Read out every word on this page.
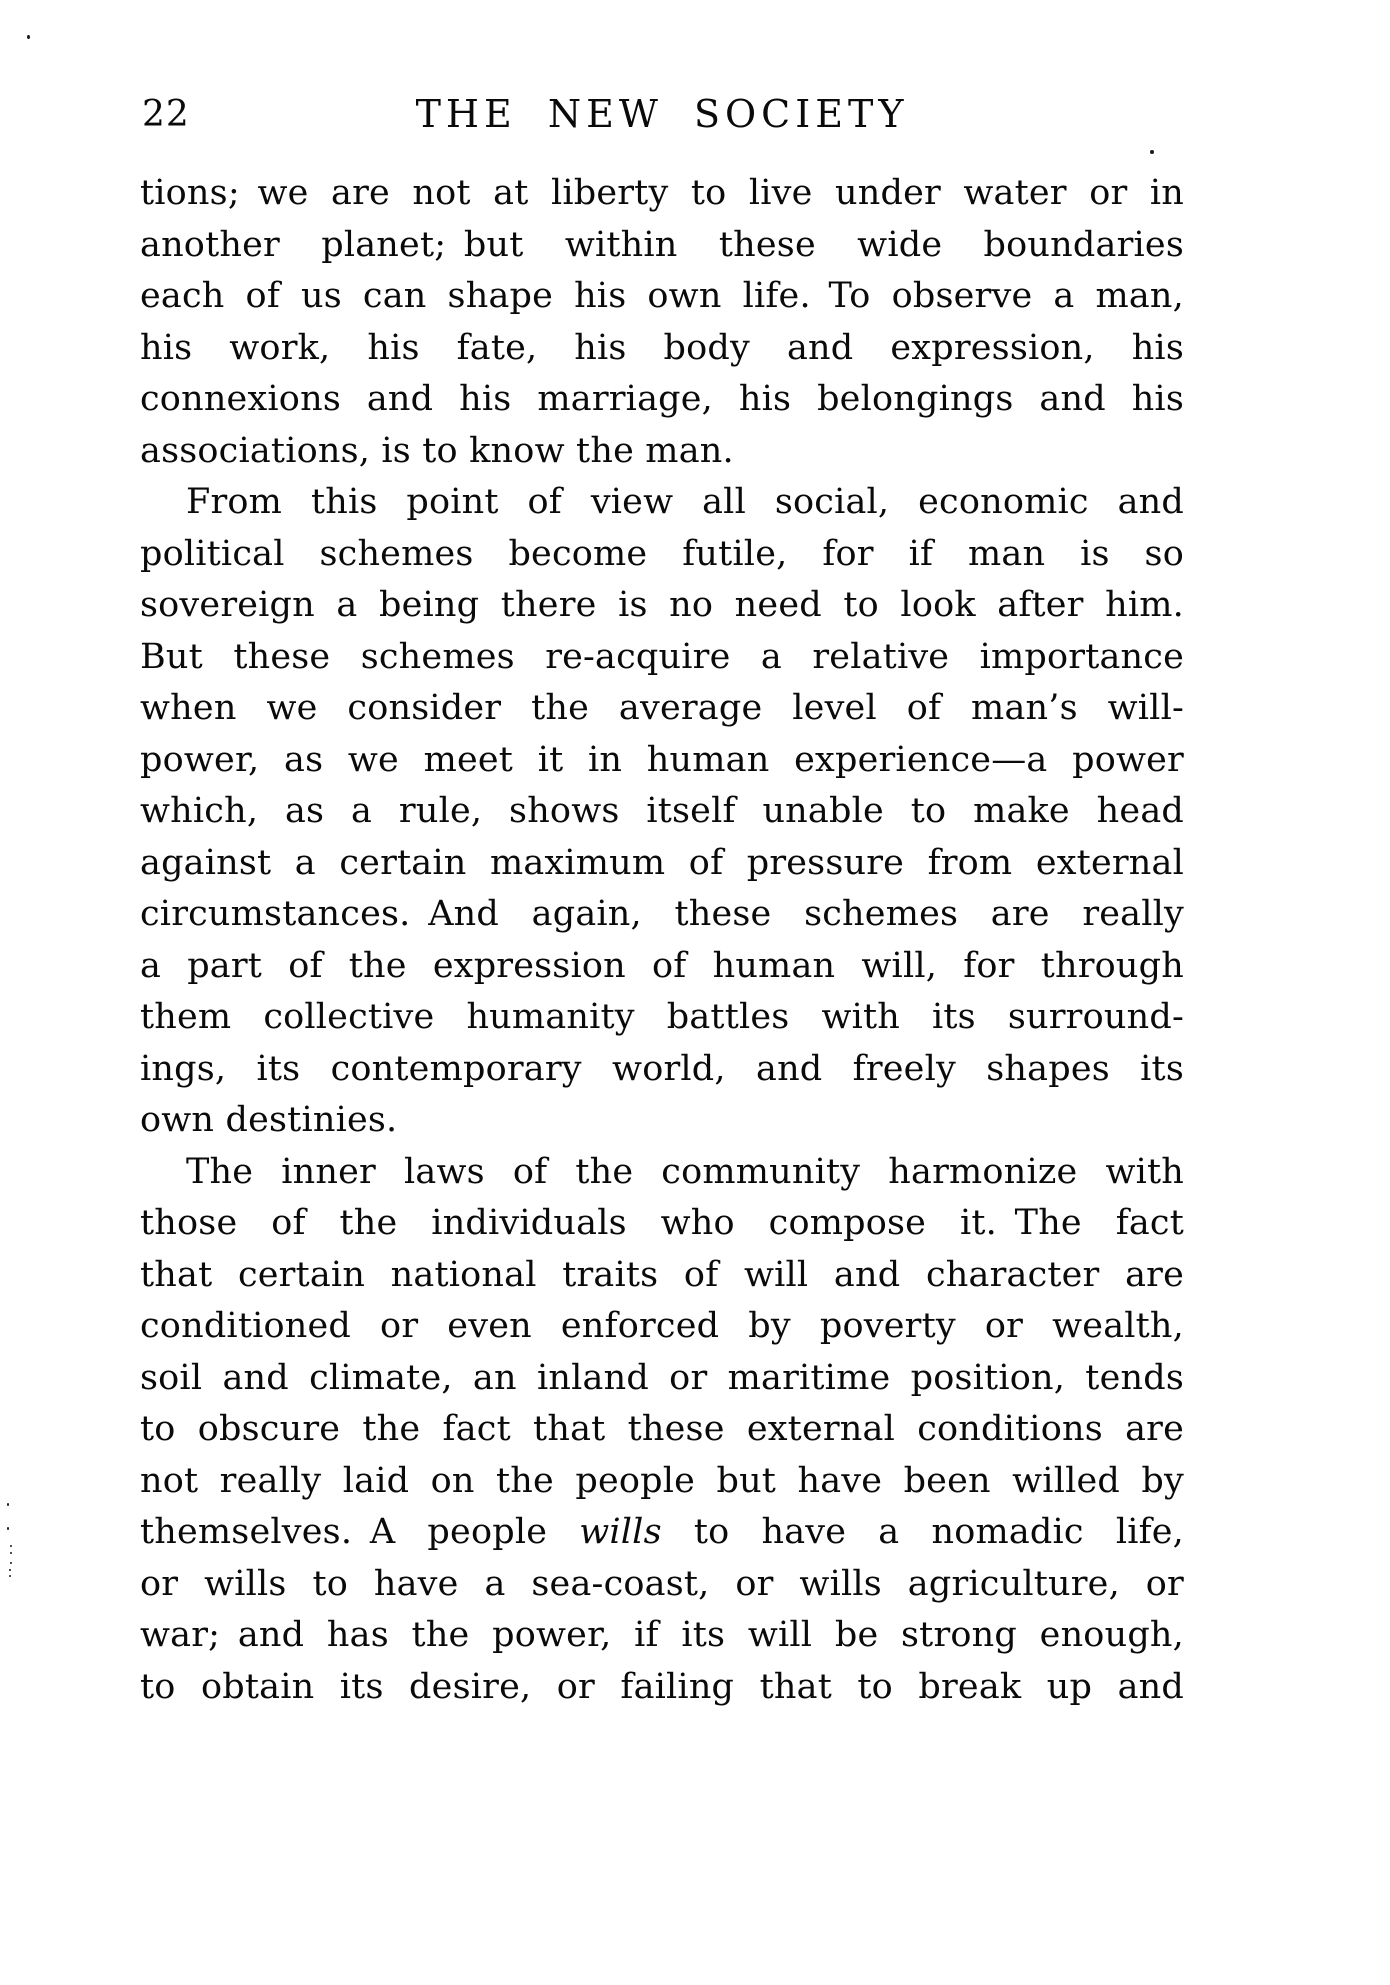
22	THE NEW SOCIETY
tions; we are not at liberty to live under water or in
another planet; but within these wide boundaries
each of us can shape his own life. To observe a man,
his work, his fate, his body and expression, his
connexions and his marriage, his belongings and his
associations, is to know the man.
From this point of view all social, economic and
political schemes become futile, for if man is so
sovereign a being there is no need to look after him.
But these schemes re-acquire a relative importance
when we consider the average level of man’s will-
power, as we meet it in human experience—a power
which, as a rule, shows itself unable to make head
against a certain maximum of pressure from external
circumstances. And again, these schemes are really
a part of the expression of human will, for through
them collective humanity battles with its surround-
ings, its contemporary world, and freely shapes its
own destinies.
The inner laws of the community harmonize with
those of the individuals who compose it. The fact
that certain national traits of will and character are
conditioned or even enforced by poverty or wealth,
soil and climate, an inland or maritime position, tends
to obscure the fact that these external conditions are
not really laid on the people but have been willed by
themselves. A people wills to have a nomadic life,
or wills to have a sea-coast, or wills agriculture, or
war; and has the power, if its will be strong enough,
to obtain its desire, or failing that to break up and
